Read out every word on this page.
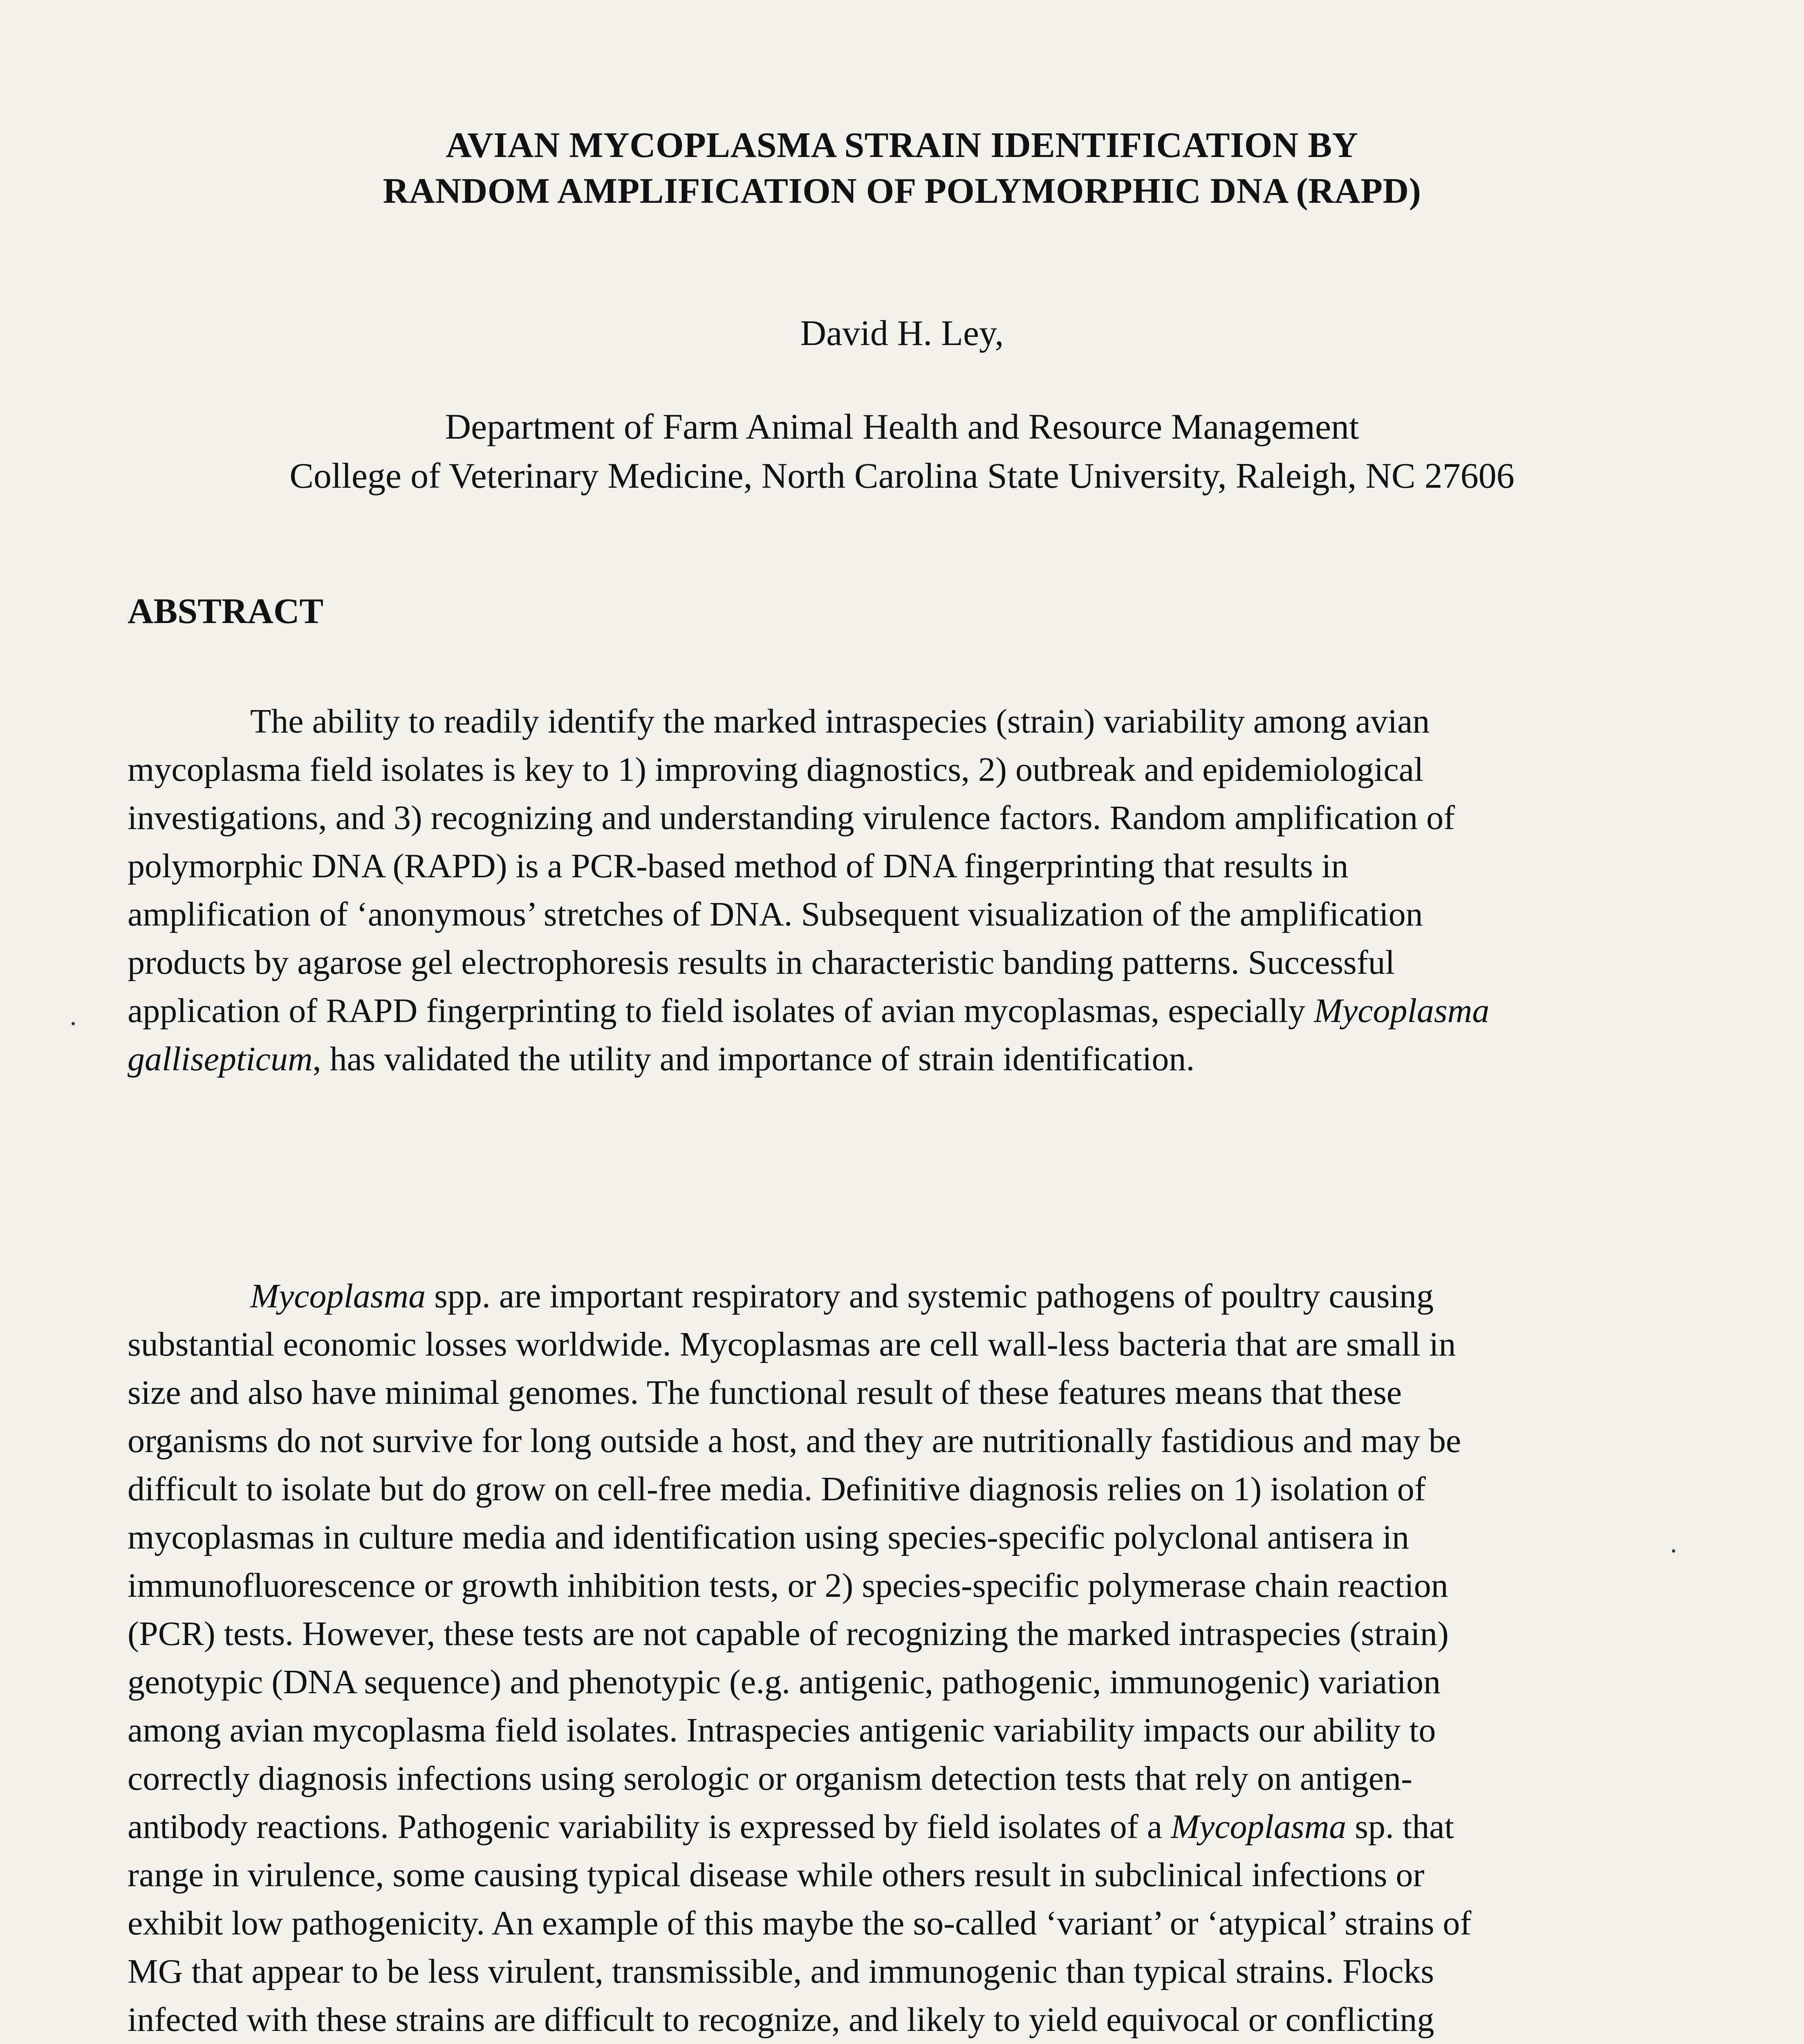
AVIAN MYCOPLASMA STRAIN IDENTIFICATION BY
RANDOM AMPLIFICATION OF POLYMORPHIC DNA (RAPD)
David H. Ley,
Department of Farm Animal Health and Resource Management
College of Veterinary Medicine, North Carolina State University, Raleigh, NC 27606
ABSTRACT
The ability to readily identify the marked intraspecies (strain) variability among avian
mycoplasma field isolates is key to 1) improving diagnostics, 2) outbreak and epidemiological
investigations, and 3) recognizing and understanding virulence factors. Random amplification of
polymorphic DNA (RAPD) is a PCR-based method of DNA fingerprinting that results in
amplification of ‘anonymous’ stretches of DNA. Subsequent visualization of the amplification
products by agarose gel electrophoresis results in characteristic banding patterns. Successful
application of RAPD fingerprinting to field isolates of avian mycoplasmas, especially Mycoplasma
gallisepticum, has validated the utility and importance of strain identification.
Mycoplasma spp. are important respiratory and systemic pathogens of poultry causing
substantial economic losses worldwide. Mycoplasmas are cell wall-less bacteria that are small in
size and also have minimal genomes. The functional result of these features means that these
organisms do not survive for long outside a host, and they are nutritionally fastidious and may be
difficult to isolate but do grow on cell-free media. Definitive diagnosis relies on 1) isolation of
mycoplasmas in culture media and identification using species-specific polyclonal antisera in
immunofluorescence or growth inhibition tests, or 2) species-specific polymerase chain reaction
(PCR) tests. However, these tests are not capable of recognizing the marked intraspecies (strain)
genotypic (DNA sequence) and phenotypic (e.g. antigenic, pathogenic, immunogenic) variation
among avian mycoplasma field isolates. Intraspecies antigenic variability impacts our ability to
correctly diagnosis infections using serologic or organism detection tests that rely on antigen-
antibody reactions. Pathogenic variability is expressed by field isolates of a Mycoplasma sp. that
range in virulence, some causing typical disease while others result in subclinical infections or
exhibit low pathogenicity. An example of this maybe the so-called ‘variant’ or ‘atypical’ strains of
MG that appear to be less virulent, transmissible, and immunogenic than typical strains. Flocks
infected with these strains are difficult to recognize, and likely to yield equivocal or conflicting
